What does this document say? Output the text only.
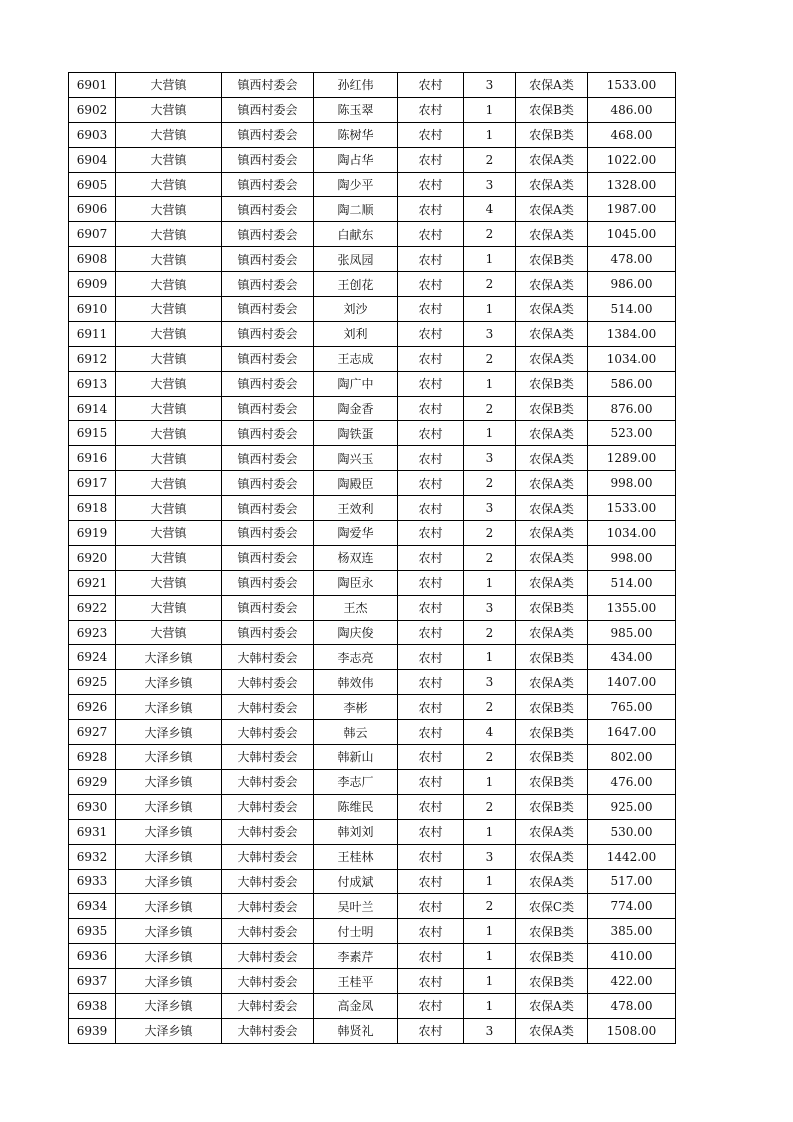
6901	大营镇	镇西村委会	孙红伟	农村	3	农保A类	1533.00
6902	大营镇	镇西村委会	陈玉翠	农村	1	农保B类	486.00
6903	大营镇	镇西村委会	陈树华	农村	1	农保B类	468.00
6904	大营镇	镇西村委会	陶占华	农村	2	农保A类	1022.00
6905	大营镇	镇西村委会	陶少平	农村	3	农保A类	1328.00
6906	大营镇	镇西村委会	陶二顺	农村	4	农保A类	1987.00
6907	大营镇	镇西村委会	白献东	农村	2	农保A类	1045.00
6908	大营镇	镇西村委会	张凤园	农村	1	农保B类	478.00
6909	大营镇	镇西村委会	王创花	农村	2	农保A类	986.00
6910	大营镇	镇西村委会	刘沙	农村	1	农保A类	514.00
6911	大营镇	镇西村委会	刘利	农村	3	农保A类	1384.00
6912	大营镇	镇西村委会	王志成	农村	2	农保A类	1034.00
6913	大营镇	镇西村委会	陶广中	农村	1	农保B类	586.00
6914	大营镇	镇西村委会	陶金香	农村	2	农保B类	876.00
6915	大营镇	镇西村委会	陶铁蛋	农村	1	农保A类	523.00
6916	大营镇	镇西村委会	陶兴玉	农村	3	农保A类	1289.00
6917	大营镇	镇西村委会	陶殿臣	农村	2	农保A类	998.00
6918	大营镇	镇西村委会	王效利	农村	3	农保A类	1533.00
6919	大营镇	镇西村委会	陶爱华	农村	2	农保A类	1034.00
6920	大营镇	镇西村委会	杨双连	农村	2	农保A类	998.00
6921	大营镇	镇西村委会	陶臣永	农村	1	农保A类	514.00
6922	大营镇	镇西村委会	王杰	农村	3	农保B类	1355.00
6923	大营镇	镇西村委会	陶庆俊	农村	2	农保A类	985.00
6924	大泽乡镇	大韩村委会	李志亮	农村	1	农保B类	434.00
6925	大泽乡镇	大韩村委会	韩效伟	农村	3	农保A类	1407.00
6926	大泽乡镇	大韩村委会	李彬	农村	2	农保B类	765.00
6927	大泽乡镇	大韩村委会	韩云	农村	4	农保B类	1647.00
6928	大泽乡镇	大韩村委会	韩新山	农村	2	农保B类	802.00
6929	大泽乡镇	大韩村委会	李志厂	农村	1	农保B类	476.00
6930	大泽乡镇	大韩村委会	陈维民	农村	2	农保B类	925.00
6931	大泽乡镇	大韩村委会	韩刘刘	农村	1	农保A类	530.00
6932	大泽乡镇	大韩村委会	王桂林	农村	3	农保A类	1442.00
6933	大泽乡镇	大韩村委会	付成斌	农村	1	农保A类	517.00
6934	大泽乡镇	大韩村委会	吴叶兰	农村	2	农保C类	774.00
6935	大泽乡镇	大韩村委会	付士明	农村	1	农保B类	385.00
6936	大泽乡镇	大韩村委会	李素芹	农村	1	农保B类	410.00
6937	大泽乡镇	大韩村委会	王桂平	农村	1	农保B类	422.00
6938	大泽乡镇	大韩村委会	高金凤	农村	1	农保A类	478.00
6939	大泽乡镇	大韩村委会	韩贤礼	农村	3	农保A类	1508.00
